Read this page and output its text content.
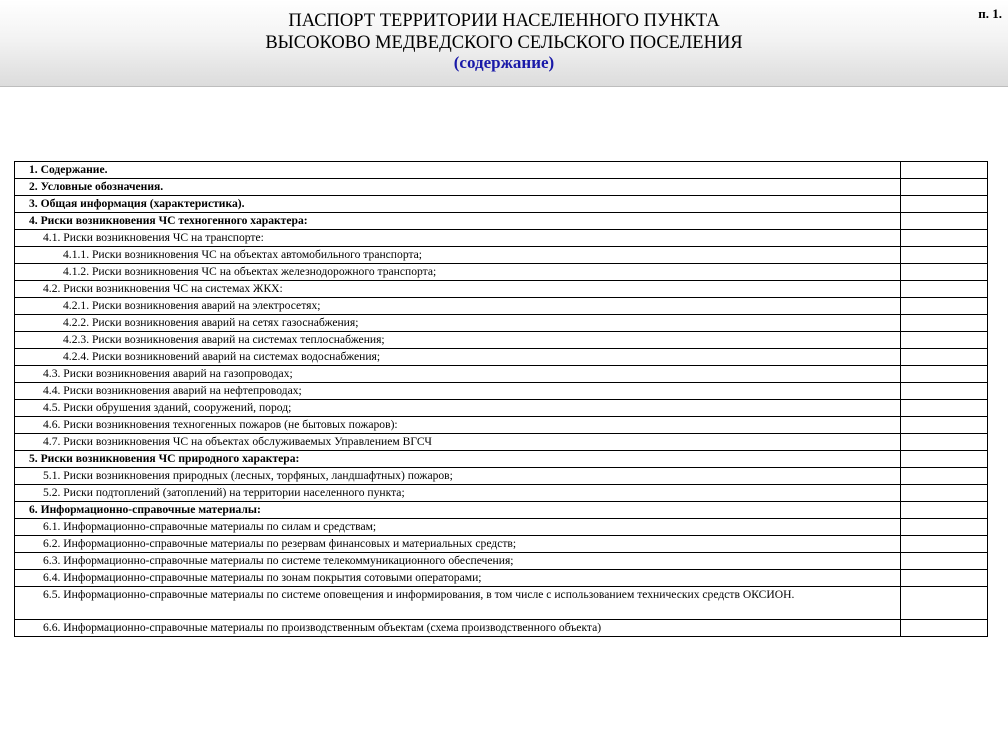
ПАСПОРТ ТЕРРИТОРИИ НАСЕЛЕННОГО ПУНКТА
ВЫСОКОВО МЕДВЕДСКОГО СЕЛЬСКОГО ПОСЕЛЕНИЯ
(содержание)
п. 1.
1. Содержание.	
2. Условные обозначения.	
3. Общая информация (характеристика).	
4. Риски возникновения ЧС техногенного характера:	
4.1. Риски возникновения ЧС на транспорте:	
4.1.1. Риски возникновения ЧС на объектах автомобильного транспорта;	
4.1.2. Риски возникновения ЧС на объектах железнодорожного транспорта;	
4.2. Риски возникновения ЧС на системах ЖКХ:	
4.2.1. Риски возникновения аварий на электросетях;	
4.2.2. Риски возникновения аварий на сетях газоснабжения;	
4.2.3. Риски возникновения аварий на системах теплоснабжения;	
4.2.4. Риски возникновений аварий на системах водоснабжения;	
4.3. Риски возникновения аварий на газопроводах;	
4.4. Риски возникновения аварий на нефтепроводах;	
4.5. Риски обрушения зданий, сооружений, пород;	
4.6. Риски возникновения техногенных пожаров (не бытовых пожаров):	
4.7. Риски возникновения ЧС на объектах обслуживаемых Управлением ВГСЧ	
5. Риски возникновения ЧС природного характера:	
5.1. Риски возникновения природных (лесных, торфяных, ландшафтных) пожаров;	
5.2. Риски подтоплений (затоплений) на территории населенного пункта;	
6. Информационно-справочные материалы:	
6.1. Информационно-справочные материалы по силам и средствам;	
6.2. Информационно-справочные материалы по резервам финансовых и материальных средств;	
6.3. Информационно-справочные материалы по системе телекоммуникационного обеспечения;	
6.4. Информационно-справочные материалы по зонам покрытия сотовыми операторами;	
6.5. Информационно-справочные материалы по системе оповещения и информирования, в том числе с использованием технических средств ОКСИОН.	
6.6. Информационно-справочные материалы по производственным объектам (схема производственного объекта)	
